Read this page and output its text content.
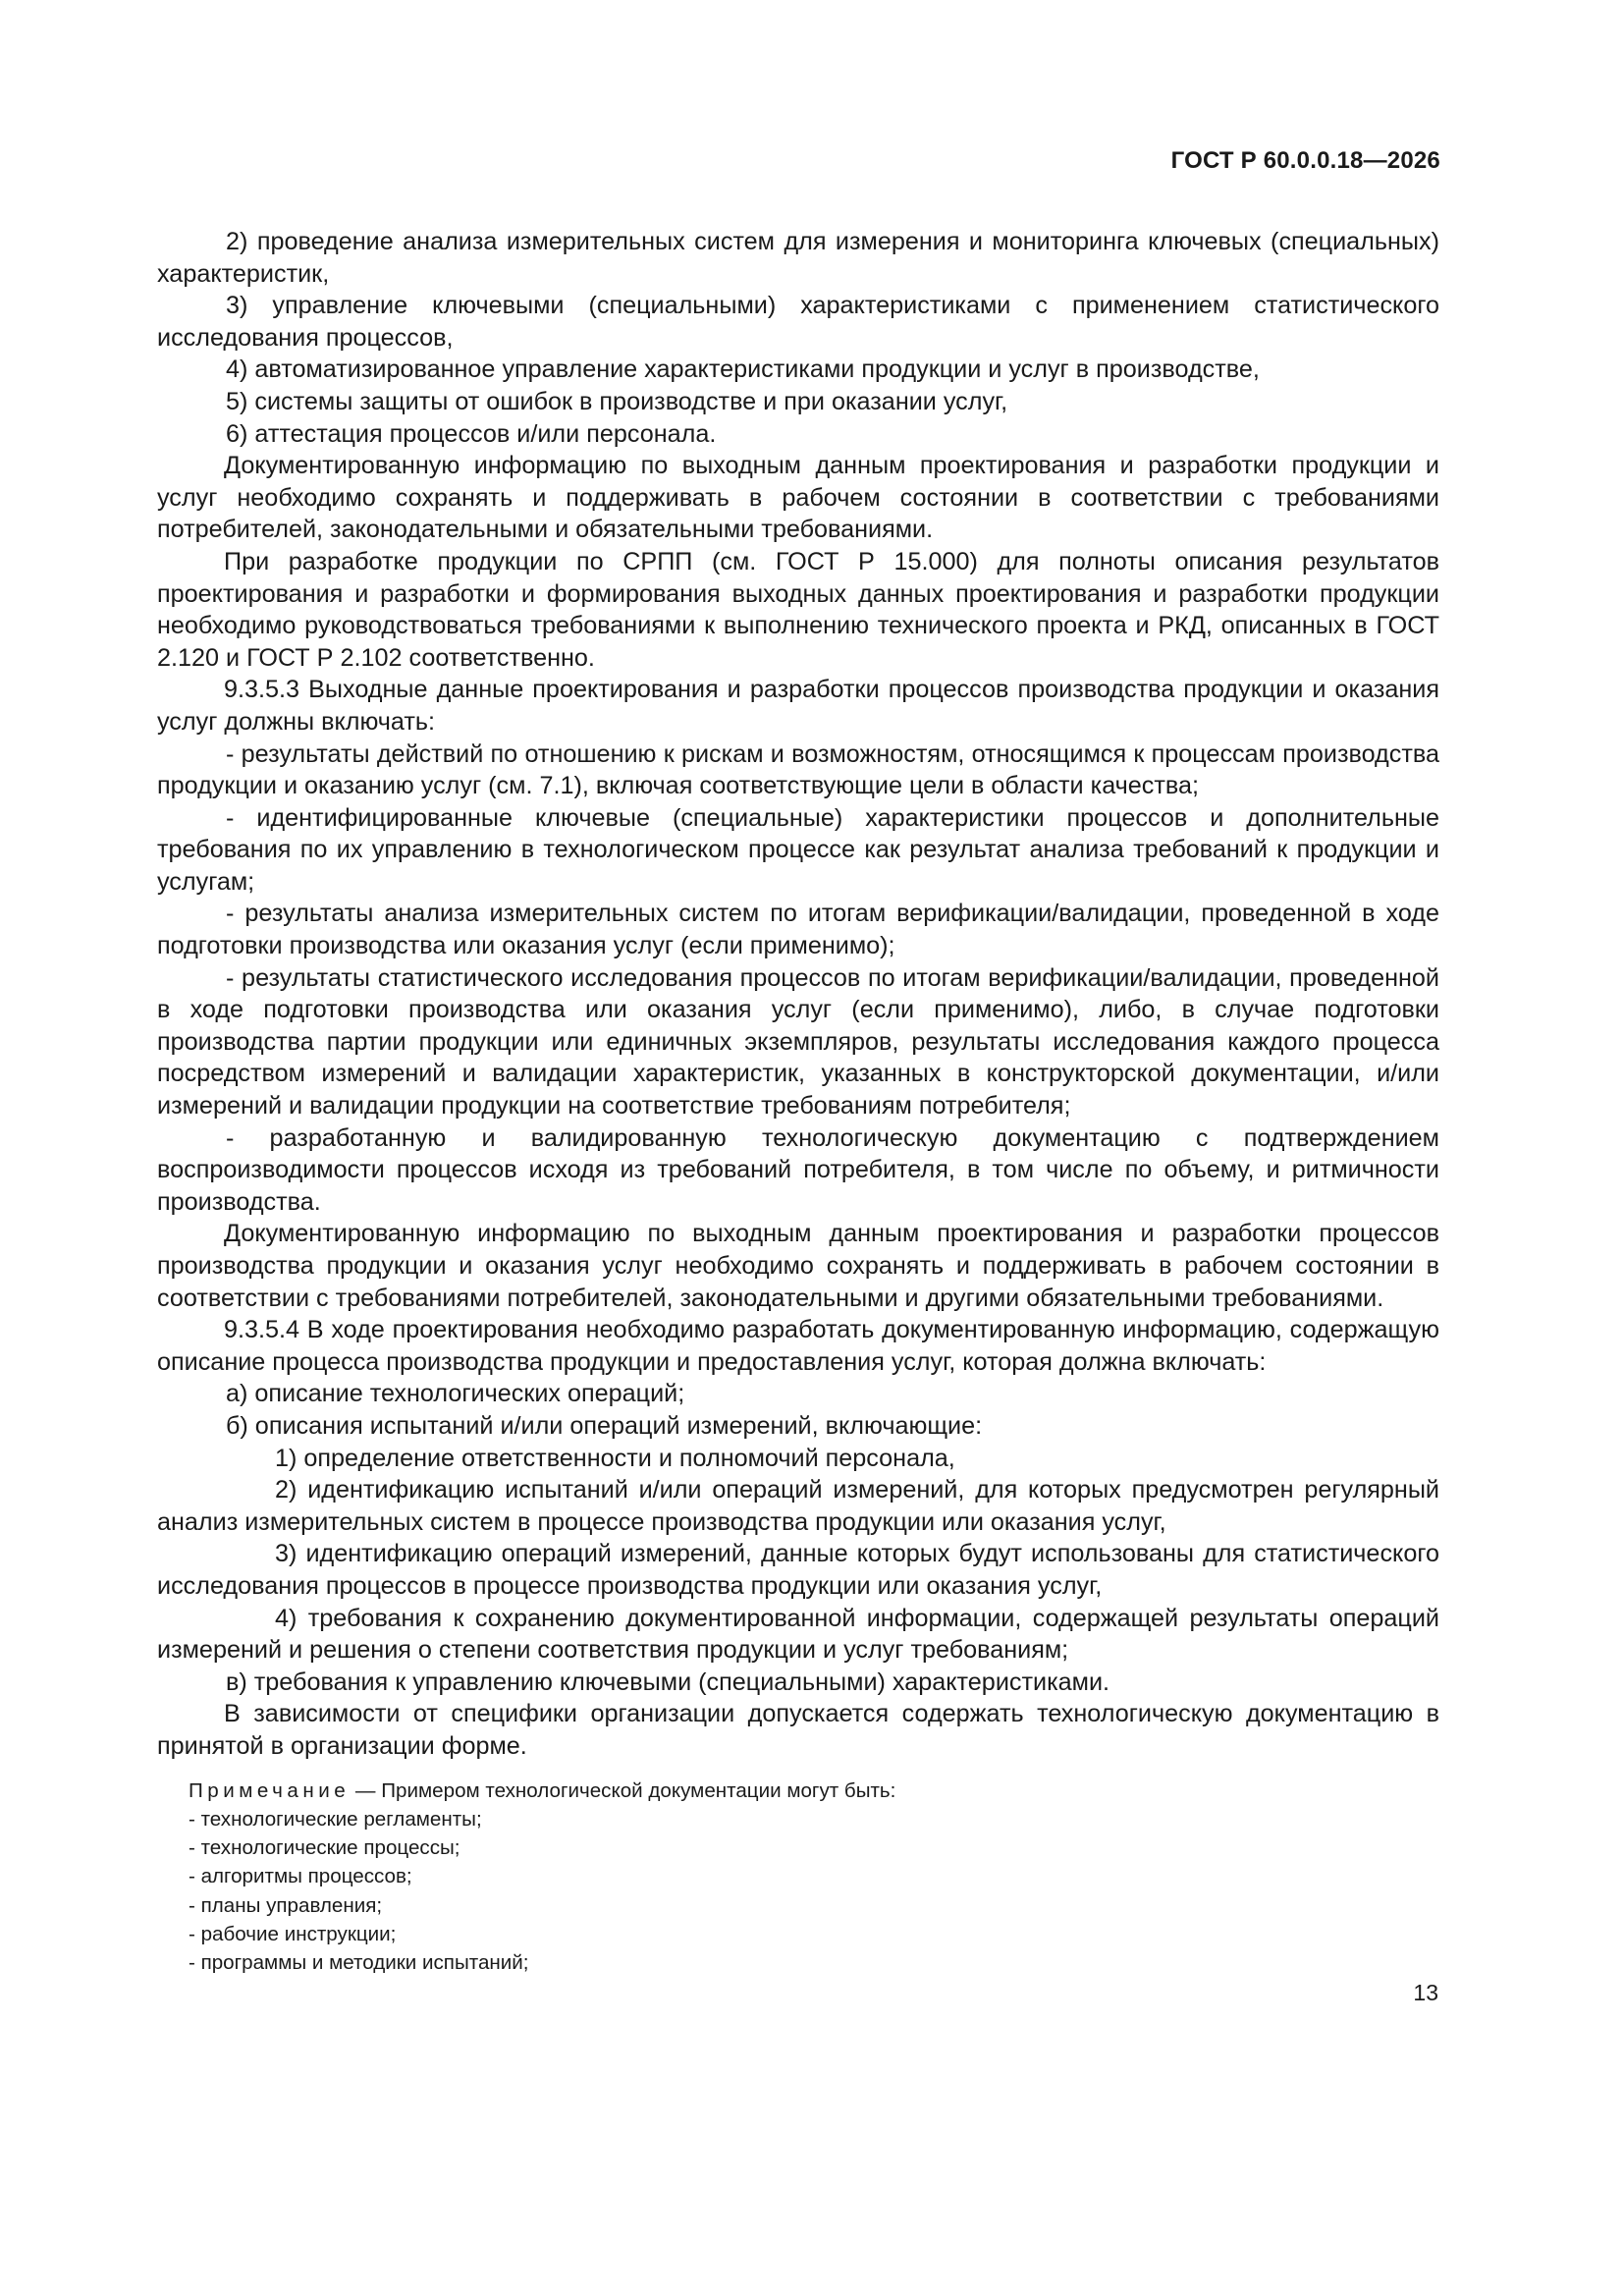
ГОСТ Р 60.0.0.18—2026

2) проведение анализа измерительных систем для измерения и мониторинга ключевых (специальных) характеристик,

3) управление ключевыми (специальными) характеристиками с применением статистического исследования процессов,

4) автоматизированное управление характеристиками продукции и услуг в производстве,

5) системы защиты от ошибок в производстве и при оказании услуг,

6) аттестация процессов и/или персонала.

Документированную информацию по выходным данным проектирования и разработки продукции и услуг необходимо сохранять и поддерживать в рабочем состоянии в соответствии с требованиями потребителей, законодательными и обязательными требованиями.

При разработке продукции по СРПП (см. ГОСТ Р 15.000) для полноты описания результатов проектирования и разработки и формирования выходных данных проектирования и разработки продукции необходимо руководствоваться требованиями к выполнению технического проекта и РКД, описанных в ГОСТ 2.120 и ГОСТ Р 2.102 соответственно.

9.3.5.3 Выходные данные проектирования и разработки процессов производства продукции и оказания услуг должны включать:

- результаты действий по отношению к рискам и возможностям, относящимся к процессам производства продукции и оказанию услуг (см. 7.1), включая соответствующие цели в области качества;

- идентифицированные ключевые (специальные) характеристики процессов и дополнительные требования по их управлению в технологическом процессе как результат анализа требований к продукции и услугам;

- результаты анализа измерительных систем по итогам верификации/валидации, проведенной в ходе подготовки производства или оказания услуг (если применимо);

- результаты статистического исследования процессов по итогам верификации/валидации, проведенной в ходе подготовки производства или оказания услуг (если применимо), либо, в случае подготовки производства партии продукции или единичных экземпляров, результаты исследования каждого процесса посредством измерений и валидации характеристик, указанных в конструкторской документации, и/или измерений и валидации продукции на соответствие требованиям потребителя;

- разработанную и валидированную технологическую документацию с подтверждением воспроизводимости процессов исходя из требований потребителя, в том числе по объему, и ритмичности производства.

Документированную информацию по выходным данным проектирования и разработки процессов производства продукции и оказания услуг необходимо сохранять и поддерживать в рабочем состоянии в соответствии с требованиями потребителей, законодательными и другими обязательными требованиями.

9.3.5.4 В ходе проектирования необходимо разработать документированную информацию, содержащую описание процесса производства продукции и предоставления услуг, которая должна включать:

а) описание технологических операций;

б) описания испытаний и/или операций измерений, включающие:

1) определение ответственности и полномочий персонала,

2) идентификацию испытаний и/или операций измерений, для которых предусмотрен регулярный анализ измерительных систем в процессе производства продукции или оказания услуг,

3) идентификацию операций измерений, данные которых будут использованы для статистического исследования процессов в процессе производства продукции или оказания услуг,

4) требования к сохранению документированной информации, содержащей результаты операций измерений и решения о степени соответствия продукции и услуг требованиям;

в) требования к управлению ключевыми (специальными) характеристиками.

В зависимости от специфики организации допускается содержать технологическую документацию в принятой в организации форме.

Примечание — Примером технологической документации могут быть:

- технологические регламенты;

- технологические процессы;

- алгоритмы процессов;

- планы управления;

- рабочие инструкции;

- программы и методики испытаний;

13
